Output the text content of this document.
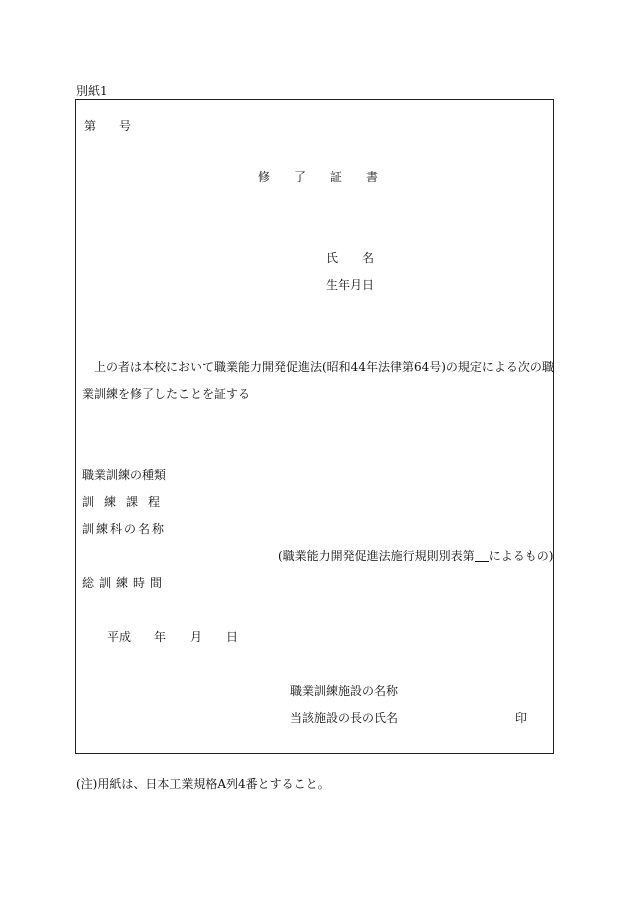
別紙1
第 号
修 了 証 書
氏 名
生年月日
上の者は本校において職業能力開発促進法(昭和44年法律第64号)の規定による次の職
業訓練を修了したことを証する
職業訓練の種類
訓 練 課 程
訓 練 科 の 名 称
(職業能力開発促進法施行規則別表第 によるもの)
総 訓 練 時 間
平成 年 月 日
職業訓練施設の名称
当該施設の長の氏名	印
(注)用紙は、日本工業規格A列4番とすること。
